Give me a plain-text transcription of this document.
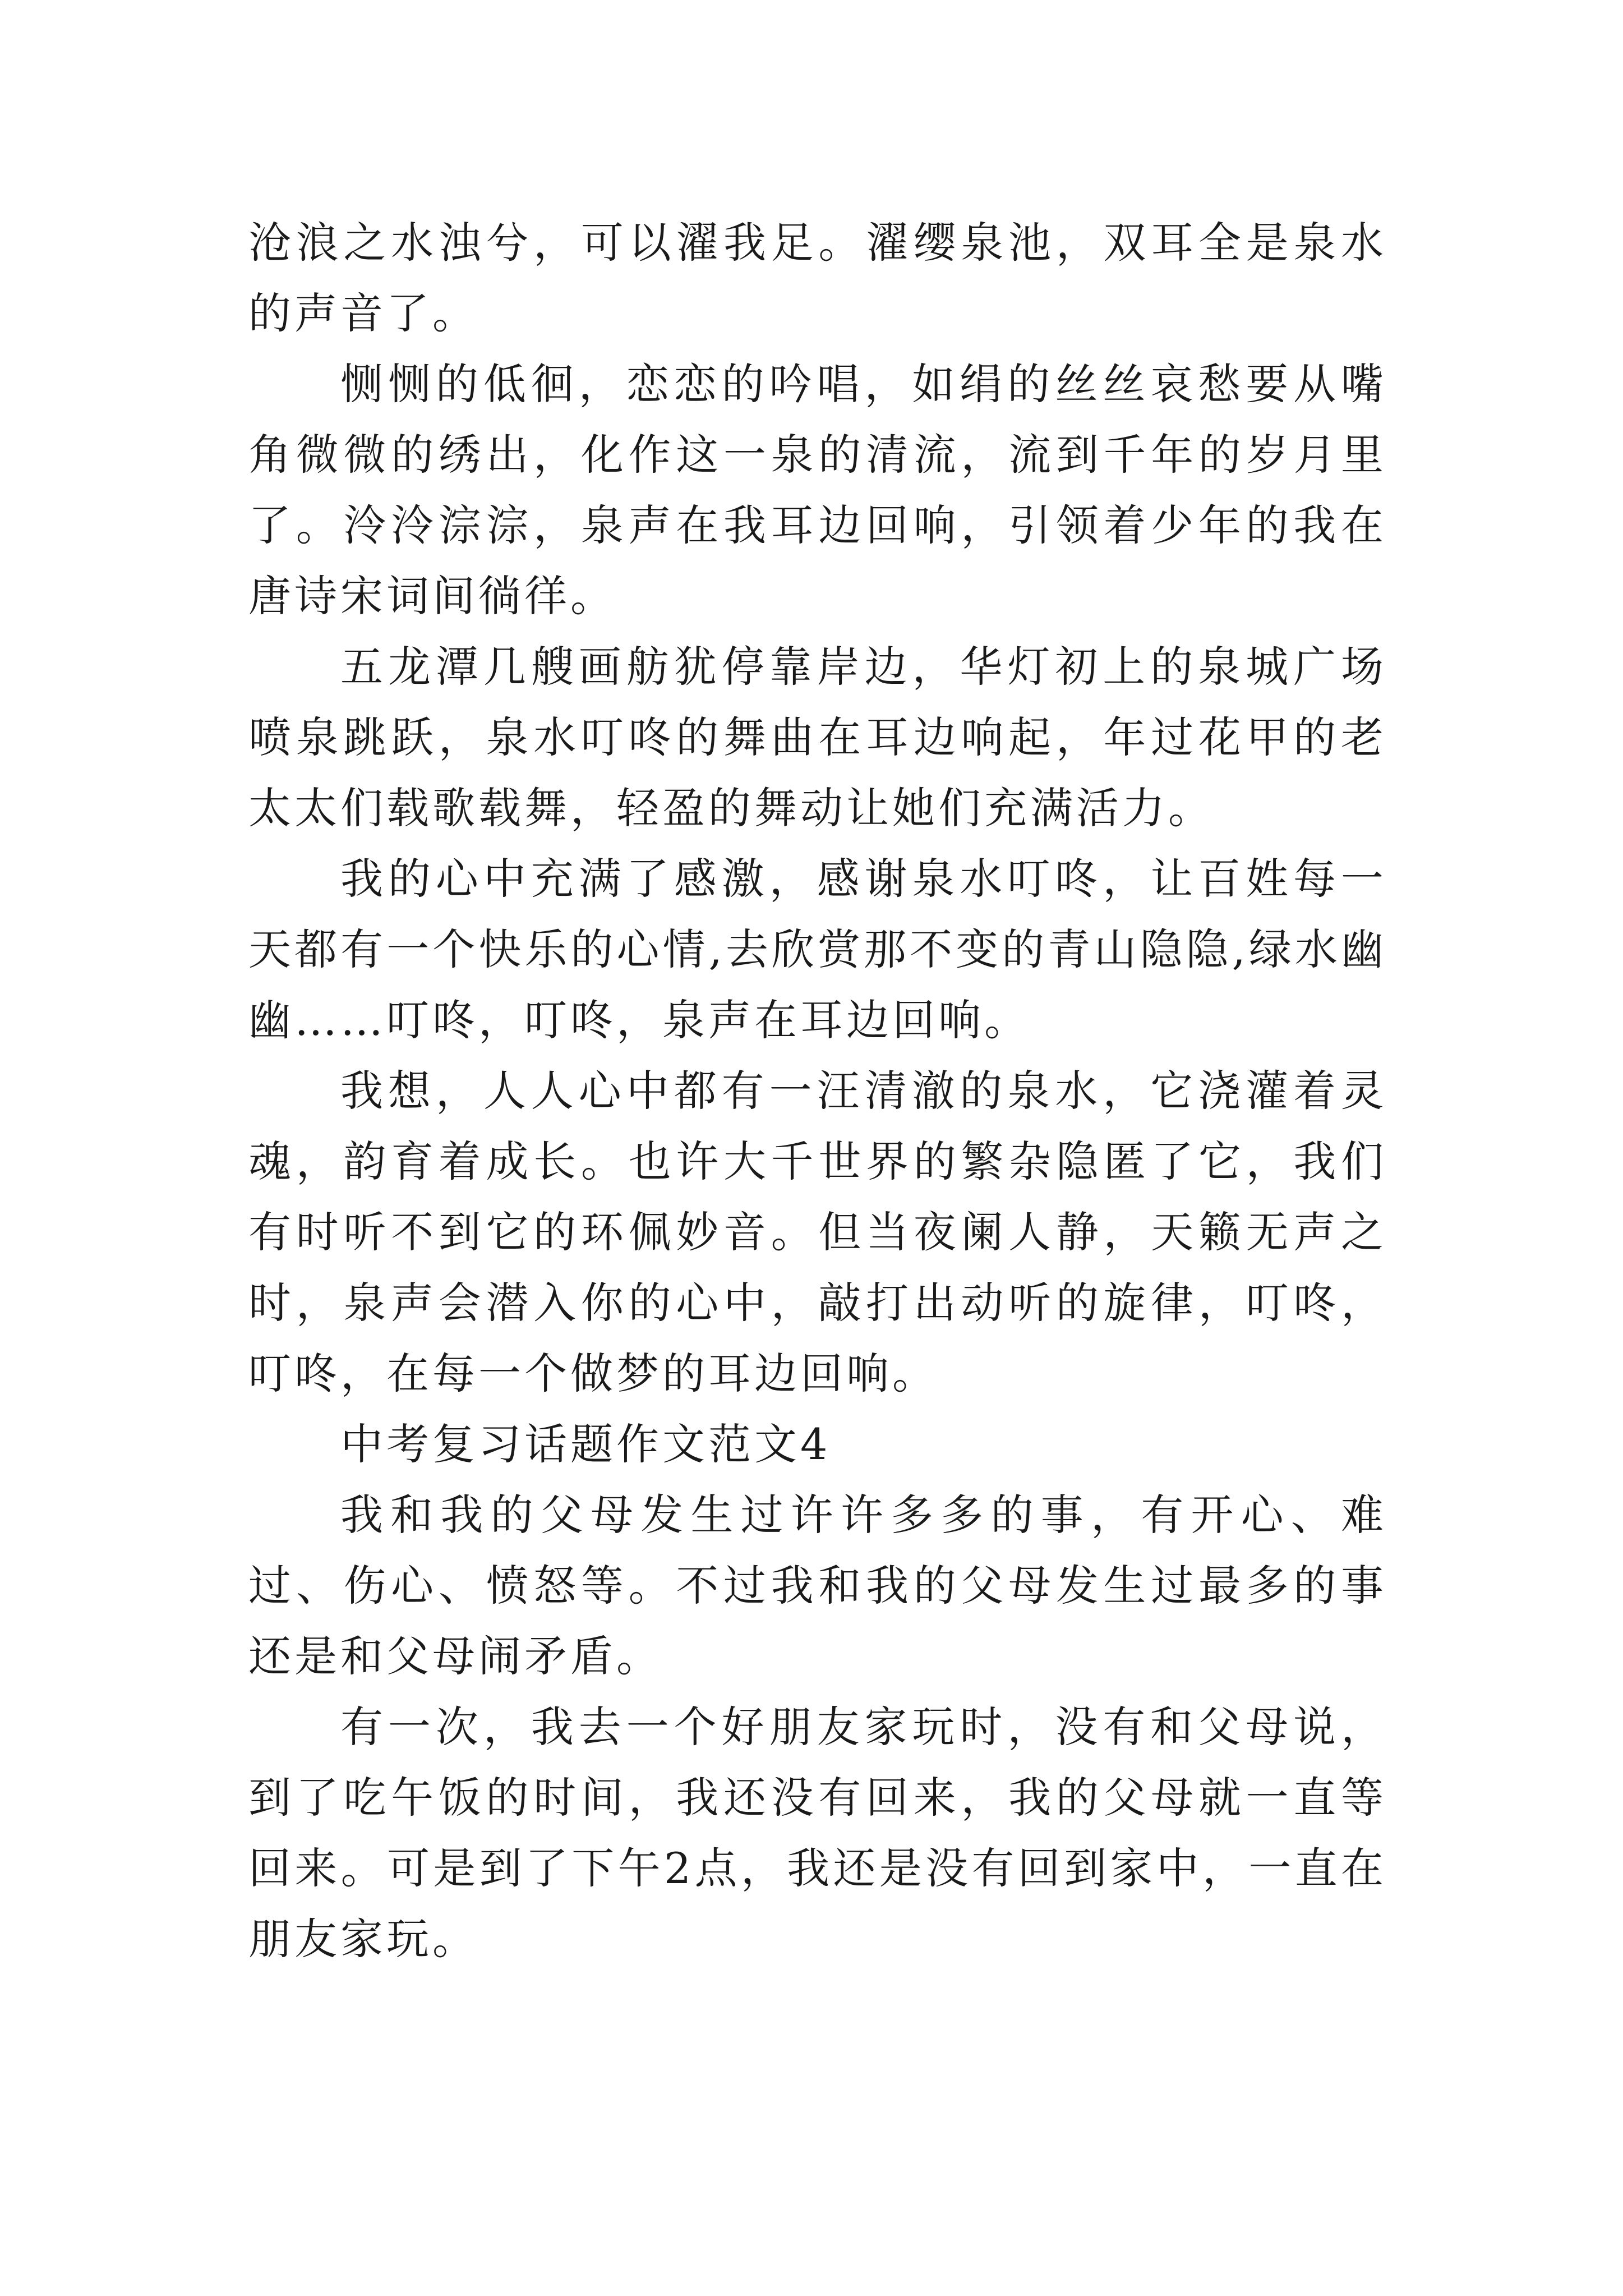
沧浪之水浊兮，可以濯我足。濯缨泉池，双耳全是泉水的声音了。

恻恻的低徊，恋恋的吟唱，如绢的丝丝哀愁要从嘴角微微的绣出，化作这一泉的清流，流到千年的岁月里了。泠泠淙淙，泉声在我耳边回响，引领着少年的我在唐诗宋词间徜徉。

五龙潭几艘画舫犹停靠岸边，华灯初上的泉城广场喷泉跳跃，泉水叮咚的舞曲在耳边响起，年过花甲的老太太们载歌载舞，轻盈的舞动让她们充满活力。

我的心中充满了感激，感谢泉水叮咚，让百姓每一天都有一个快乐的心情,去欣赏那不变的青山隐隐,绿水幽幽……叮咚，叮咚，泉声在耳边回响。

我想，人人心中都有一汪清澈的泉水，它浇灌着灵魂，韵育着成长。也许大千世界的繁杂隐匿了它，我们有时听不到它的环佩妙音。但当夜阑人静，天籁无声之时，泉声会潜入你的心中，敲打出动听的旋律，叮咚，叮咚，在每一个做梦的耳边回响。

中考复习话题作文范文4

我和我的父母发生过许许多多的事，有开心、难过、伤心、愤怒等。不过我和我的父母发生过最多的事还是和父母闹矛盾。

有一次，我去一个好朋友家玩时，没有和父母说，到了吃午饭的时间，我还没有回来，我的父母就一直等回来。可是到了下午2点，我还是没有回到家中，一直在朋友家玩。
